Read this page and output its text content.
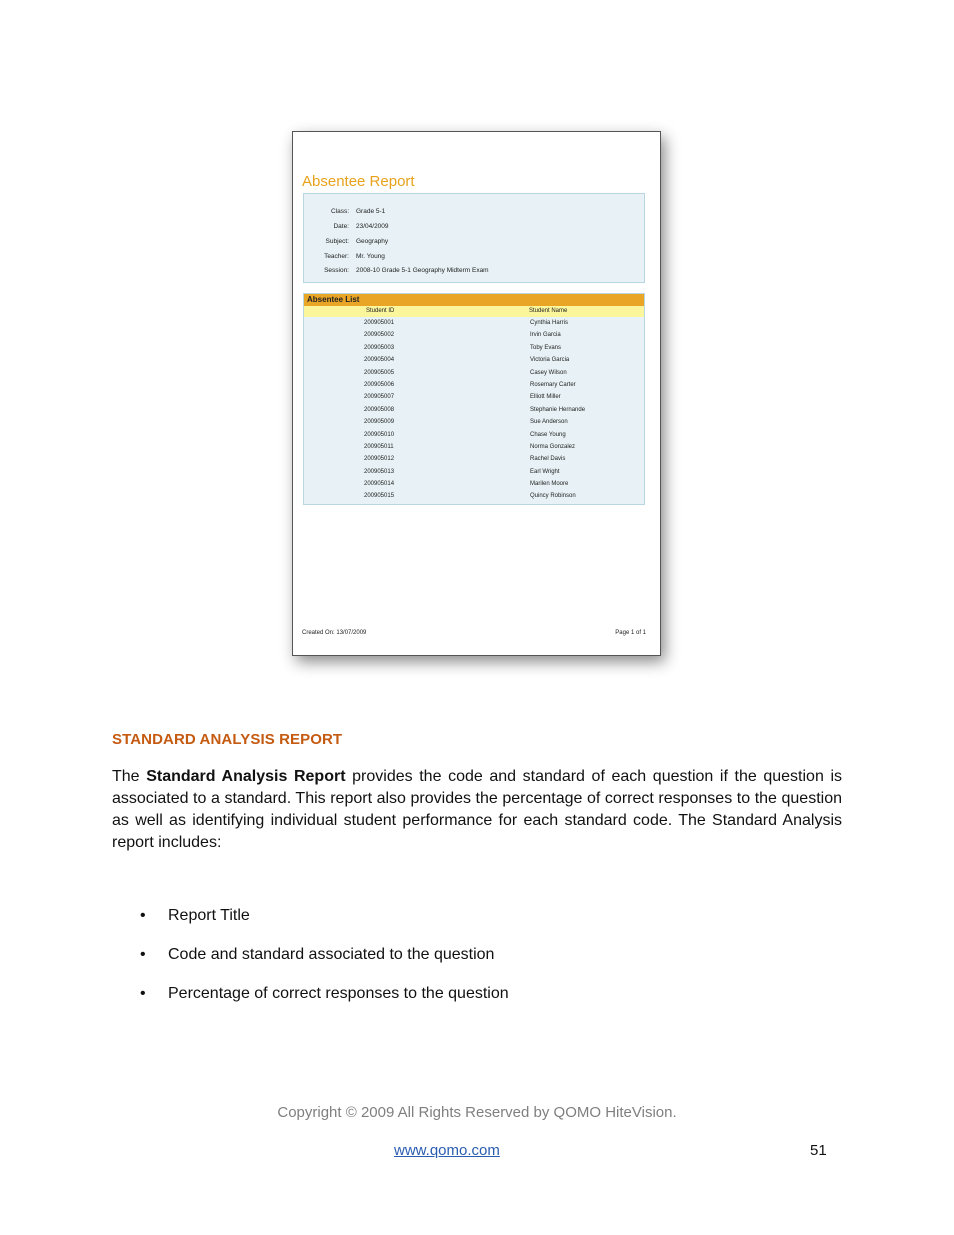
Absentee Report
Class: Grade 5-1
Date: 23/04/2009
Subject: Geography
Teacher: Mr. Young
Session: 2008-10 Grade 5-1 Geography Midterm Exam
Absentee List
Student ID	Student Name
200905001	Cynthia Harris
200905002	Irvin Garcia
200905003	Toby Evans
200905004	Victoria Garcia
200905005	Casey Wilson
200905006	Rosemary Carter
200905007	Elliott Miller
200905008	Stephanie Hernande
200905009	Sue Anderson
200905010	Chase Young
200905011	Norma Gonzalez
200905012	Rachel Davis
200905013	Earl Wright
200905014	Marilen Moore
200905015	Quincy Robinson
Created On: 13/07/2009	Page 1 of 1
STANDARD ANALYSIS REPORT

The Standard Analysis Report provides the code and standard of each question if the question is associated to a standard. This report also provides the percentage of correct responses to the question as well as identifying individual student performance for each standard code. The Standard Analysis report includes:

• Report Title
• Code and standard associated to the question
• Percentage of correct responses to the question
Copyright © 2009 All Rights Reserved by QOMO HiteVision.
www.qomo.com	51
